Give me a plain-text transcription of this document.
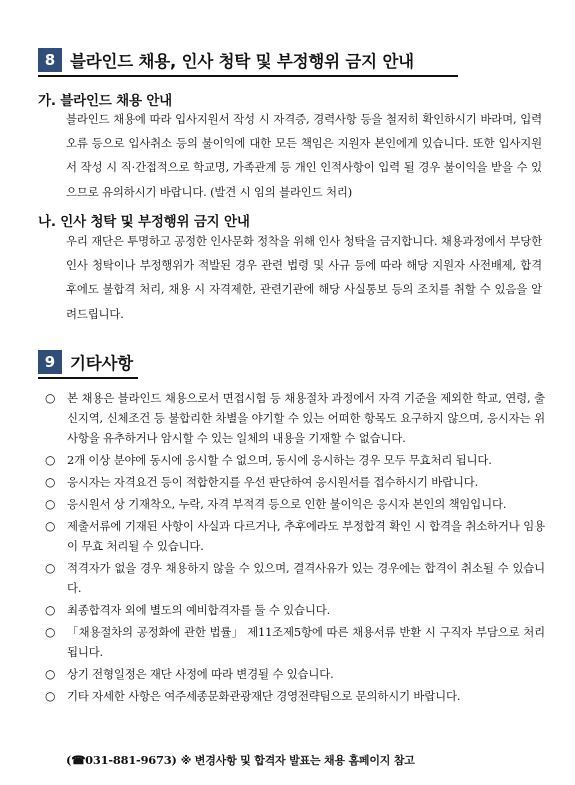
8 블라인드 채용, 인사 청탁 및 부정행위 금지 안내
가. 블라인드 채용 안내
블라인드 채용에 따라 입사지원서 작성 시 자격증, 경력사항 등을 철저히 확인하시기 바라며, 입력오류 등으로 입사취소 등의 불이익에 대한 모든 책임은 지원자 본인에게 있습니다. 또한 입사지원서 작성 시 직·간접적으로 학교명, 가족관계 등 개인 인적사항이 입력 될 경우 불이익을 받을 수 있으므로 유의하시기 바랍니다. (발견 시 임의 블라인드 처리)
나. 인사 청탁 및 부정행위 금지 안내
우리 재단은 투명하고 공정한 인사문화 정착을 위해 인사 청탁을 금지합니다. 채용과정에서 부당한 인사 청탁이나 부정행위가 적발된 경우 관련 법령 및 사규 등에 따라 해당 지원자 사전배제, 합격 후에도 불합격 처리, 채용 시 자격제한, 관련기관에 해당 사실통보 등의 조치를 취할 수 있음을 알려드립니다.
9 기타사항
○	본 채용은 블라인드 채용으로서 면접시험 등 채용절차 과정에서 자격 기준을 제외한 학교, 연령, 출신지역, 신체조건 등 불합리한 차별을 야기할 수 있는 어떠한 항목도 요구하지 않으며, 응시자는 위 사항을 유추하거나 암시할 수 있는 일체의 내용을 기재할 수 없습니다.
○	2개 이상 분야에 동시에 응시할 수 없으며, 동시에 응시하는 경우 모두 무효처리 됩니다.
○	응시자는 자격요건 등이 적합한지를 우선 판단하여 응시원서를 접수하시기 바랍니다.
○	응시원서 상 기재착오, 누락, 자격 부적격 등으로 인한 불이익은 응시자 본인의 책임입니다.
○	제출서류에 기재된 사항이 사실과 다르거나, 추후에라도 부정합격 확인 시 합격을 취소하거나 임용이 무효 처리될 수 있습니다.
○	적격자가 없을 경우 채용하지 않을 수 있으며, 결격사유가 있는 경우에는 합격이 취소될 수 있습니다.
○	최종합격자 외에 별도의 예비합격자를 둘 수 있습니다.
○	「채용절차의 공정화에 관한 법률」 제11조제5항에 따른 채용서류 반환 시 구직자 부담으로 처리됩니다.
○	상기 전형일정은 재단 사정에 따라 변경될 수 있습니다.
○	기타 자세한 사항은 여주세종문화관광재단 경영전략팀으로 문의하시기 바랍니다.
(☎031-881-9673) ※ 변경사항 및 합격자 발표는 채용 홈페이지 참고
